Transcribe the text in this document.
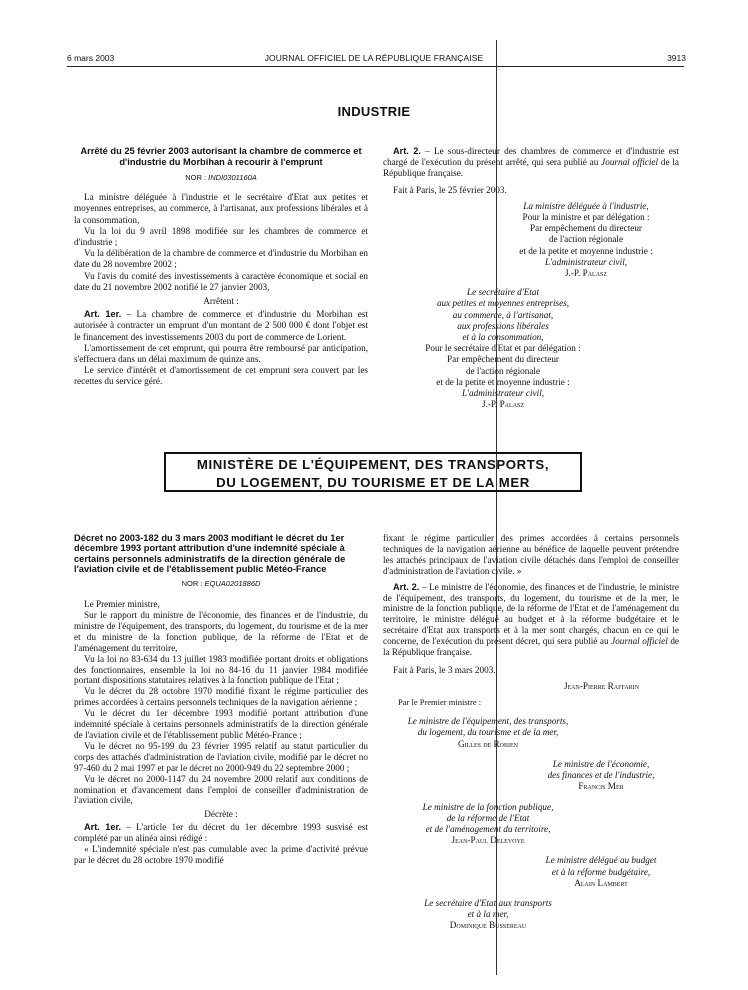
6 mars 2003	JOURNAL OFFICIEL DE LA RÉPUBLIQUE FRANÇAISE	3913
INDUSTRIE
Arrêté du 25 février 2003 autorisant la chambre de commerce et d'industrie du Morbihan à recourir à l'emprunt
NOR : INDI0301160A

La ministre déléguée à l'industrie et le secrétaire d'Etat aux petites et moyennes entreprises, au commerce, à l'artisanat, aux professions libérales et à la consommation,

Vu la loi du 9 avril 1898 modifiée sur les chambres de commerce et d'industrie ;

Vu la délibération de la chambre de commerce et d'industrie du Morbihan en date du 28 novembre 2002 ;

Vu l'avis du comité des investissements à caractère économique et social en date du 21 novembre 2002 notifié le 27 janvier 2003,

Arrêtent :

Art. 1er. – La chambre de commerce et d'industrie du Morbihan est autorisée à contracter un emprunt d'un montant de 2 500 000 € dont l'objet est le financement des investissements 2003 du port de commerce de Lorient.

L'amortissement de cet emprunt, qui pourra être remboursé par anticipation, s'effectuera dans un délai maximum de quinze ans.

Le service d'intérêt et d'amortissement de cet emprunt sera couvert par les recettes du service géré.

Art. 2. – Le sous-directeur des chambres de commerce et d'industrie est chargé de l'exécution du présent arrêté, qui sera publié au Journal officiel de la République française.

Fait à Paris, le 25 février 2003.

La ministre déléguée à l'industrie,
Pour la ministre et par délégation :
Par empêchement du directeur
de l'action régionale
et de la petite et moyenne industrie :
L'administrateur civil,
J.-P. Palasz
Le secrétaire d'Etat
aux petites et moyennes entreprises,
au commerce, à l'artisanat,
aux professions libérales
et à la consommation,
Pour le secrétaire d'Etat et par délégation :
Par empêchement du directeur
de l'action régionale
et de la petite et moyenne industrie :
L'administrateur civil,
J.-P. Palasz
MINISTÈRE DE L'ÉQUIPEMENT, DES TRANSPORTS,
DU LOGEMENT, DU TOURISME ET DE LA MER
Décret no 2003-182 du 3 mars 2003 modifiant le décret du 1er décembre 1993 portant attribution d'une indemnité spéciale à certains personnels administratifs de la direction générale de l'aviation civile et de l'établissement public Météo-France
NOR : EQUA0201886D

Le Premier ministre,

Sur le rapport du ministre de l'économie, des finances et de l'industrie, du ministre de l'équipement, des transports, du logement, du tourisme et de la mer et du ministre de la fonction publique, de la réforme de l'Etat et de l'aménagement du territoire,

Vu la loi no 83-634 du 13 juillet 1983 modifiée portant droits et obligations des fonctionnaires, ensemble la loi no 84-16 du 11 janvier 1984 modifiée portant dispositions statutaires relatives à la fonction publique de l'Etat ;

Vu le décret du 28 octobre 1970 modifié fixant le régime particulier des primes accordées à certains personnels techniques de la navigation aérienne ;

Vu le décret du 1er décembre 1993 modifié portant attribution d'une indemnité spéciale à certains personnels administratifs de la direction générale de l'aviation civile et de l'établissement public Météo-France ;

Vu le décret no 95-199 du 23 février 1995 relatif au statut particulier du corps des attachés d'administration de l'aviation civile, modifié par le décret no 97-460 du 2 mai 1997 et par le décret no 2000-949 du 22 septembre 2000 ;

Vu le décret no 2000-1147 du 24 novembre 2000 relatif aux conditions de nomination et d'avancement dans l'emploi de conseiller d'administration de l'aviation civile,

Décrète :

Art. 1er. – L'article 1er du décret du 1er décembre 1993 susvisé est complété par un alinéa ainsi rédigé :

« L'indemnité spéciale n'est pas cumulable avec la prime d'activité prévue par le décret du 28 octobre 1970 modifié

fixant le régime particulier des primes accordées à certains personnels techniques de la navigation aérienne au bénéfice de laquelle peuvent prétendre les attachés principaux de l'aviation civile détachés dans l'emploi de conseiller d'administration de l'aviation civile. »

Art. 2. – Le ministre de l'économie, des finances et de l'industrie, le ministre de l'équipement, des transports, du logement, du tourisme et de la mer, le ministre de la fonction publique, de la réforme de l'Etat et de l'aménagement du territoire, le ministre délégué au budget et à la réforme budgétaire et le secrétaire d'Etat aux transports et à la mer sont chargés, chacun en ce qui le concerne, de l'exécution du présent décret, qui sera publié au Journal officiel de la République française.

Fait à Paris, le 3 mars 2003.

Jean-Pierre Raffarin
Par le Premier ministre :
Le ministre de l'équipement, des transports,
du logement, du tourisme et de la mer,
Gilles de Robien
Le ministre de l'économie,
des finances et de l'industrie,
Francis Mer
Le ministre de la fonction publique,
de la réforme de l'Etat
et de l'aménagement du territoire,
Jean-Paul Delevoye
Le ministre délégué au budget
et à la réforme budgétaire,
Alain Lambert
Le secrétaire d'Etat aux transports
et à la mer,
Dominique Bussereau
